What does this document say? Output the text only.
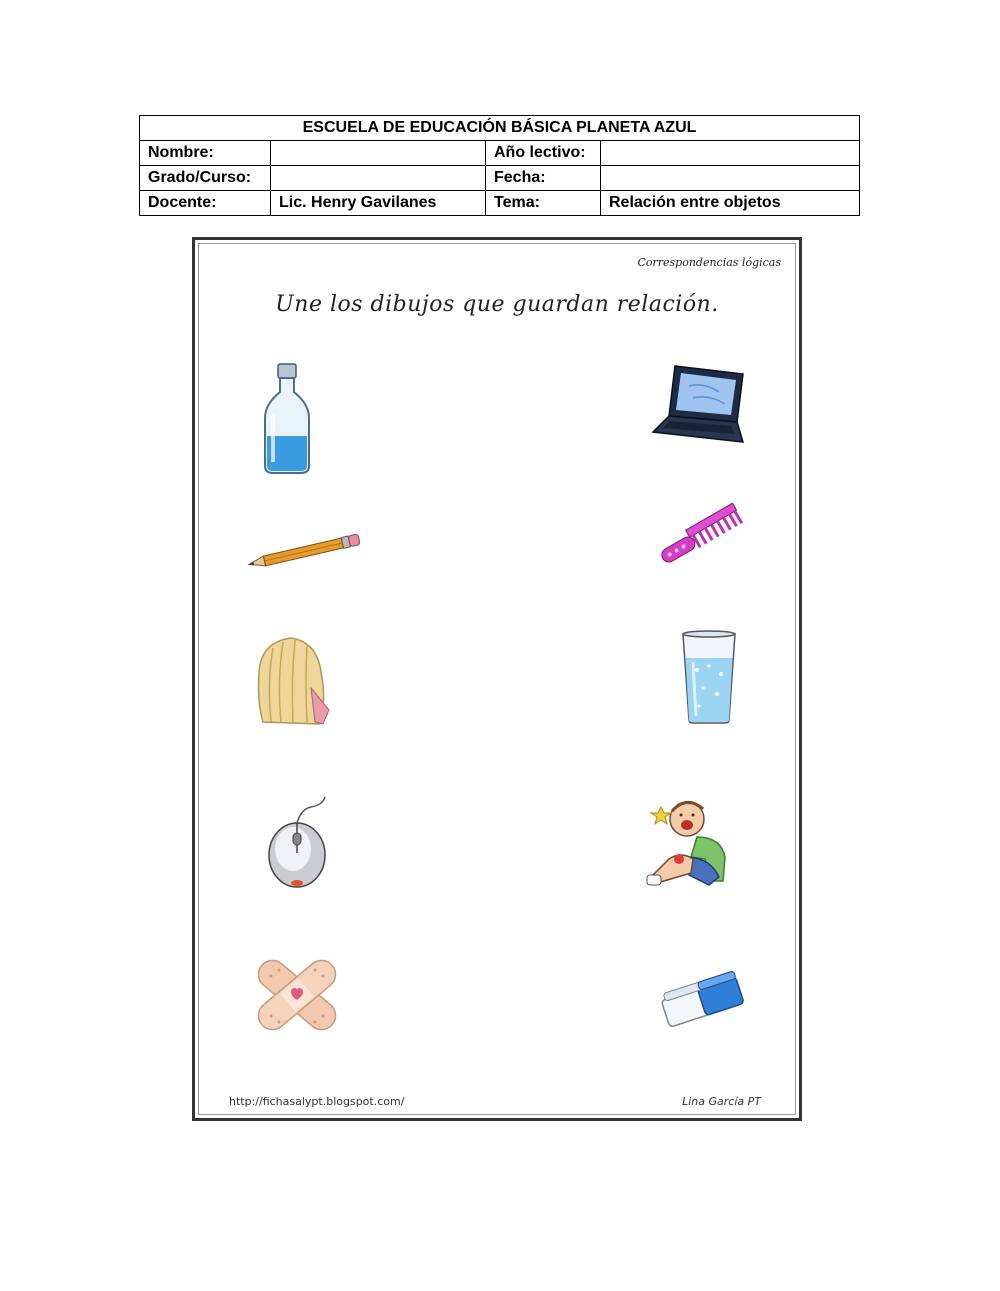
ESCUELA DE EDUCACIÓN BÁSICA PLANETA AZUL			
Nombre:		Año lectivo:	
Grado/Curso:		Fecha:	
Docente:	Lic. Henry Gavilanes	Tema:	Relación entre objetos
Correspondencias lógicas
Une los dibujos que guardan relación.
http://fichasalypt.blogspot.com/	Lina García PT
